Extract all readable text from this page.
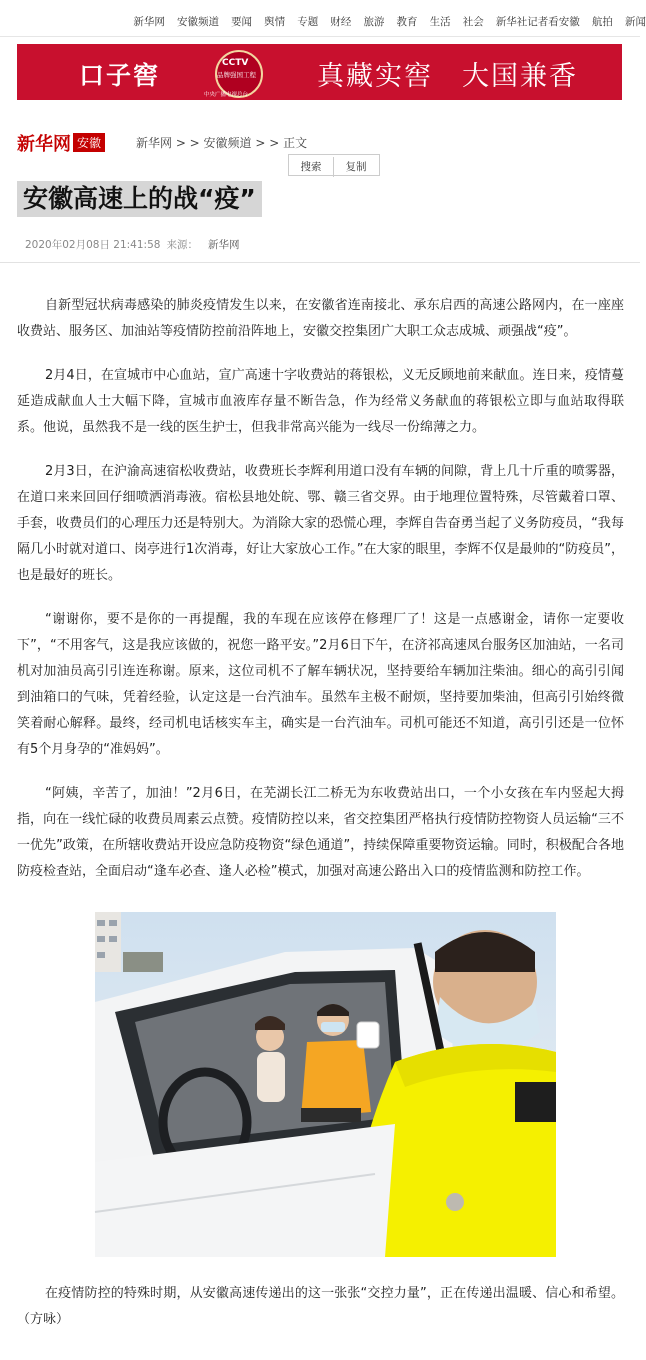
新华网 安徽频道 要闻 舆情 专题 财经 旅游 教育 生活 社会 新华社记者看安徽 航拍 新闻
口子窖	CCTV
品牌强国工程
中央广播电视总台
真藏实窖　大国兼香
新华网 安徽	新华网 > > 安徽频道 > > 正文
搜索 复制
安徽高速上的战“疫”
2020年02月08日 21:41:58 来源： 新华网

自新型冠状病毒感染的肺炎疫情发生以来，在安徽省连南接北、承东启西的高速公路网内，在一座座收费站、服务区、加油站等疫情防控前沿阵地上，安徽交控集团广大职工众志成城、顽强战“疫”。

2月4日，在宣城市中心血站，宣广高速十字收费站的蒋银松，义无反顾地前来献血。连日来，疫情蔓延造成献血人士大幅下降，宣城市血液库存量不断告急，作为经常义务献血的蒋银松立即与血站取得联系。他说，虽然我不是一线的医生护士，但我非常高兴能为一线尽一份绵薄之力。

2月3日，在沪渝高速宿松收费站，收费班长李辉利用道口没有车辆的间隙，背上几十斤重的喷雾器，在道口来来回回仔细喷洒消毒液。宿松县地处皖、鄂、赣三省交界。由于地理位置特殊，尽管戴着口罩、手套，收费员们的心理压力还是特别大。为消除大家的恐慌心理，李辉自告奋勇当起了义务防疫员，“我每隔几小时就对道口、岗亭进行1次消毒，好让大家放心工作。”在大家的眼里，李辉不仅是最帅的“防疫员”，也是最好的班长。

“谢谢你，要不是你的一再提醒，我的车现在应该停在修理厂了！这是一点感谢金，请你一定要收下”，“不用客气，这是我应该做的，祝您一路平安。”2月6日下午，在济祁高速凤台服务区加油站，一名司机对加油员高引引连连称谢。原来，这位司机不了解车辆状况，坚持要给车辆加注柴油。细心的高引引闻到油箱口的气味，凭着经验，认定这是一台汽油车。虽然车主极不耐烦，坚持要加柴油，但高引引始终微笑着耐心解释。最终，经司机电话核实车主，确实是一台汽油车。司机可能还不知道，高引引还是一位怀有5个月身孕的“准妈妈”。

“阿姨，辛苦了，加油！”2月6日，在芜湖长江二桥无为东收费站出口，一个小女孩在车内竖起大拇指，向在一线忙碌的收费员周素云点赞。疫情防控以来，省交控集团严格执行疫情防控物资人员运输“三不一优先”政策，在所辖收费站开设应急防疫物资“绿色通道”，持续保障重要物资运输。同时，积极配合各地防疫检查站，全面启动“逢车必查、逢人必检”模式，加强对高速公路出入口的疫情监测和防控工作。

在疫情防控的特殊时期，从安徽高速传递出的这一张张“交控力量”，正在传递出温暖、信心和希望。（方咏）
